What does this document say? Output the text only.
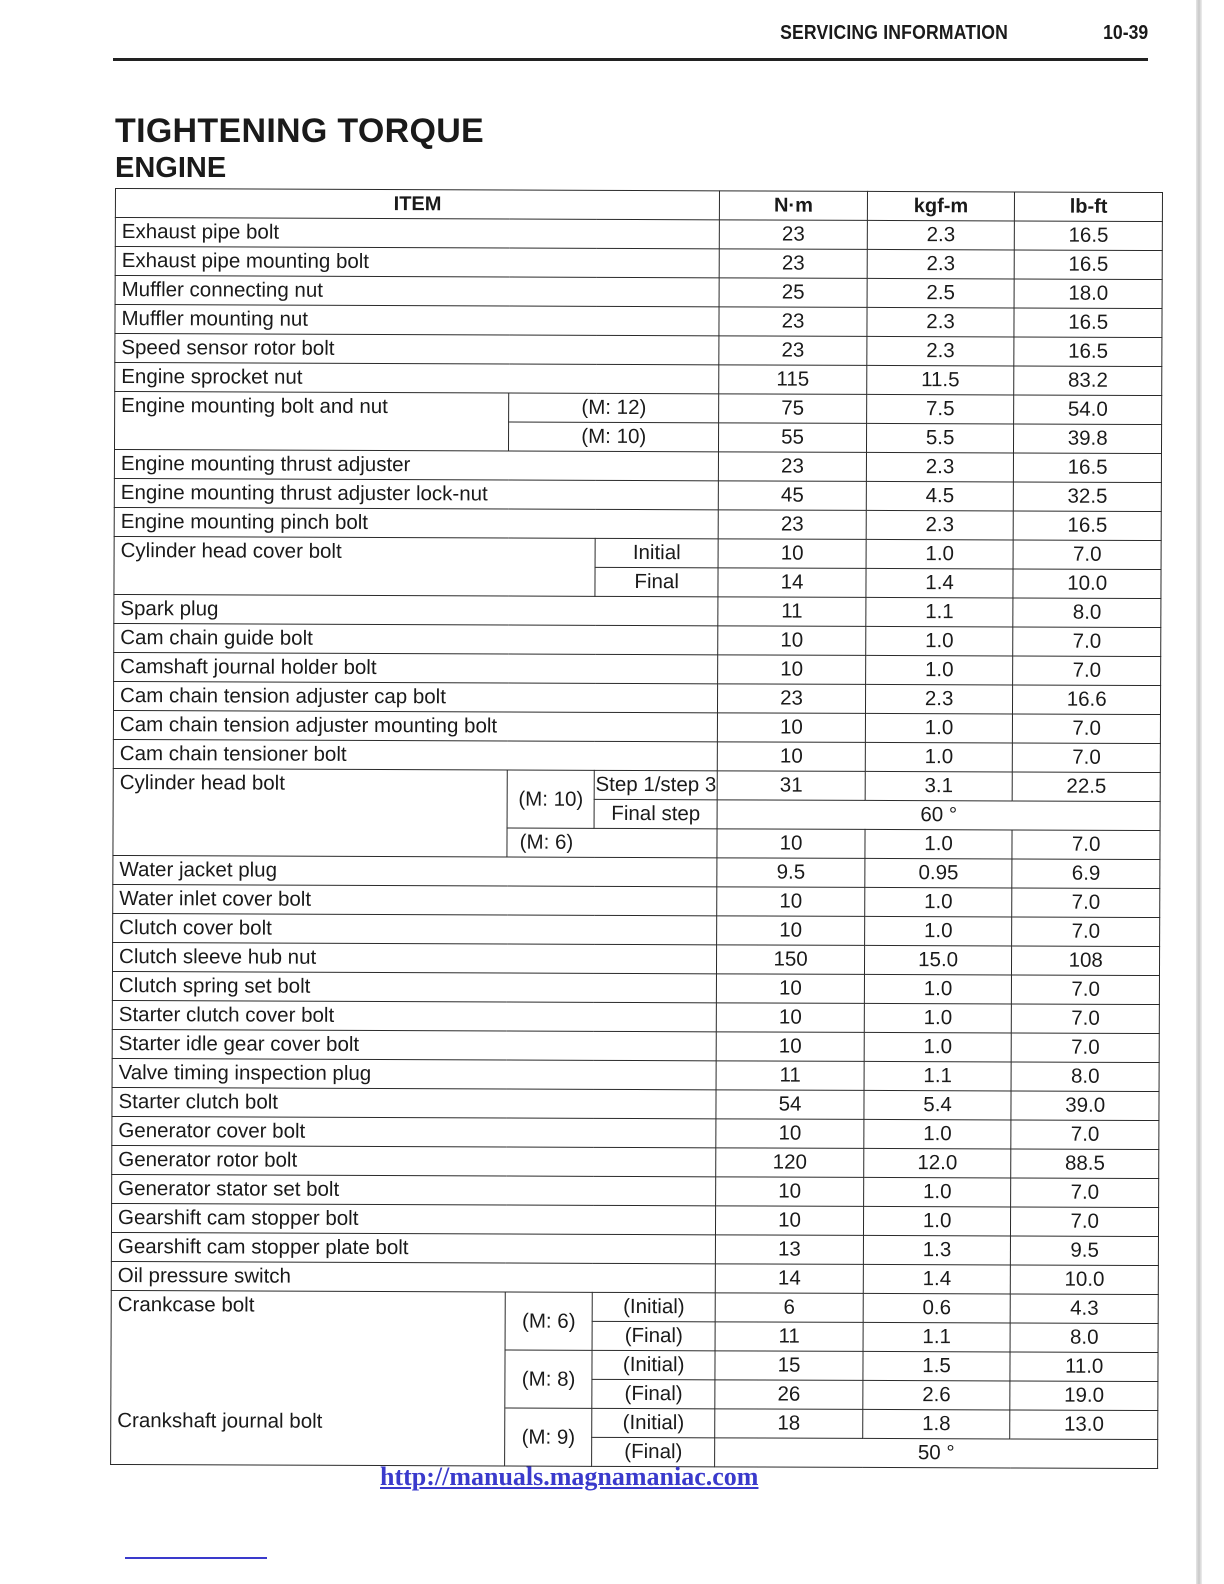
SERVICING INFORMATION	10-39
TIGHTENING TORQUE
ENGINE
ITEM			N·m	kgf-m	lb-ft
Exhaust pipe bolt			23	2.3	16.5
Exhaust pipe mounting bolt			23	2.3	16.5
Muffler connecting nut			25	2.5	18.0
Muffler mounting nut			23	2.3	16.5
Speed sensor rotor bolt			23	2.3	16.5
Engine sprocket nut			115	11.5	83.2
Engine mounting bolt and nut	(M: 12)		75	7.5	54.0
	(M: 10)		55	5.5	39.8
Engine mounting thrust adjuster			23	2.3	16.5
Engine mounting thrust adjuster lock-nut			45	4.5	32.5
Engine mounting pinch bolt			23	2.3	16.5
Cylinder head cover bolt		Initial	10	1.0	7.0
		Final	14	1.4	10.0
Spark plug			11	1.1	8.0
Cam chain guide bolt			10	1.0	7.0
Camshaft journal holder bolt			10	1.0	7.0
Cam chain tension adjuster cap bolt			23	2.3	16.6
Cam chain tension adjuster mounting bolt			10	1.0	7.0
Cam chain tensioner bolt			10	1.0	7.0
Cylinder head bolt	(M: 10)	Step 1/step 3	31	3.1	22.5
		Final step	60 °		
	(M: 6)		10	1.0	7.0
Water jacket plug			9.5	0.95	6.9
Water inlet cover bolt			10	1.0	7.0
Clutch cover bolt			10	1.0	7.0
Clutch sleeve hub nut			150	15.0	108
Clutch spring set bolt			10	1.0	7.0
Starter clutch cover bolt			10	1.0	7.0
Starter idle gear cover bolt			10	1.0	7.0
Valve timing inspection plug			11	1.1	8.0
Starter clutch bolt			54	5.4	39.0
Generator cover bolt			10	1.0	7.0
Generator rotor bolt			120	12.0	88.5
Generator stator set bolt			10	1.0	7.0
Gearshift cam stopper bolt			10	1.0	7.0
Gearshift cam stopper plate bolt			13	1.3	9.5
Oil pressure switch			14	1.4	10.0
Crankcase bolt	(M: 6)	(Initial)	6	0.6	4.3
		(Final)	11	1.1	8.0
	(M: 8)	(Initial)	15	1.5	11.0
		(Final)	26	2.6	19.0
Crankshaft journal bolt	(M: 9)	(Initial)	18	1.8	13.0
		(Final)	50 °		
http://manuals.magnamaniac.com
